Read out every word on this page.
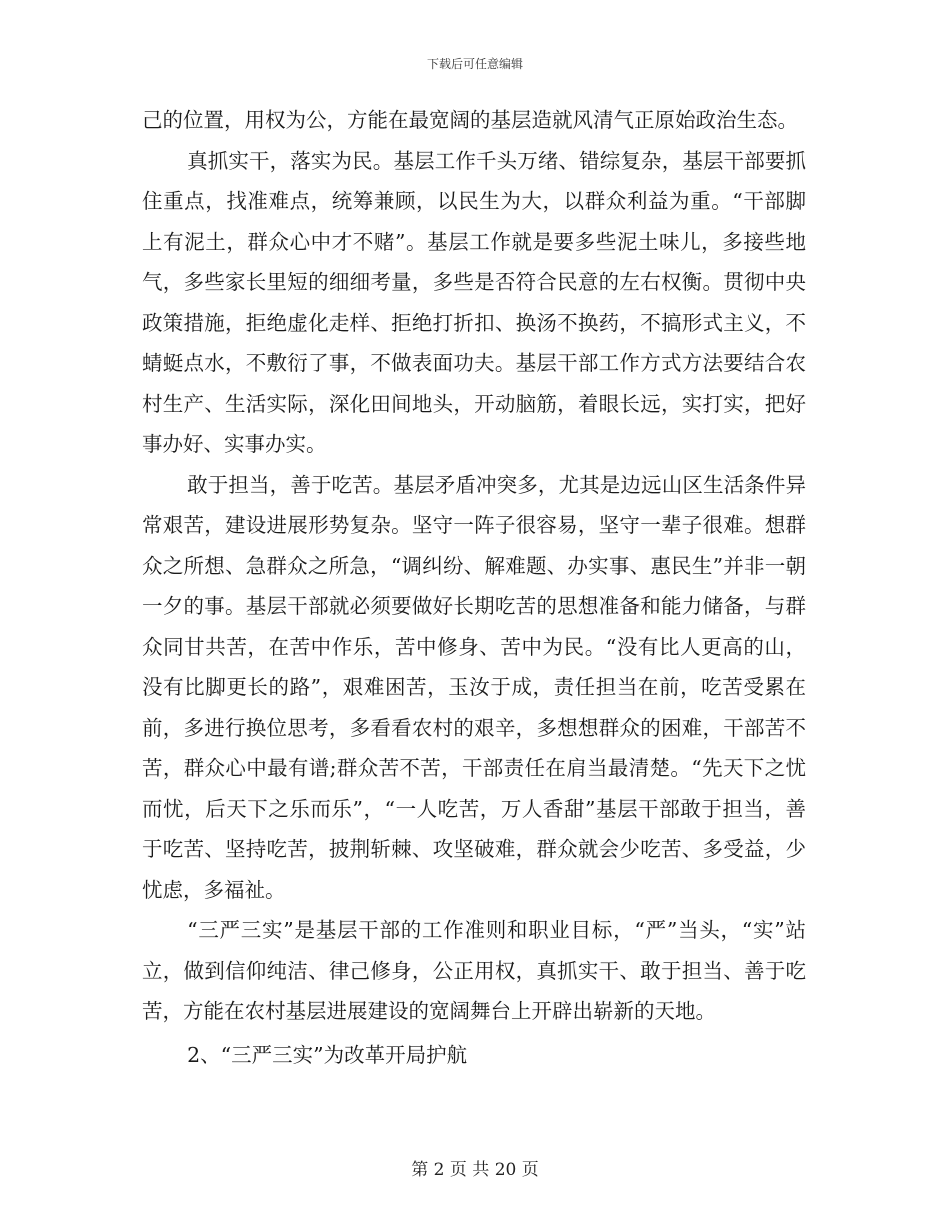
下载后可任意编辑

己的位置，用权为公，方能在最宽阔的基层造就风清气正原始政治生态。

真抓实干，落实为民。基层工作千头万绪、错综复杂，基层干部要抓住重点，找准难点，统筹兼顾，以民生为大，以群众利益为重。“干部脚上有泥土，群众心中才不赌”。基层工作就是要多些泥土味儿，多接些地气，多些家长里短的细细考量，多些是否符合民意的左右权衡。贯彻中央政策措施，拒绝虚化走样、拒绝打折扣、换汤不换药，不搞形式主义，不蜻蜓点水，不敷衍了事，不做表面功夫。基层干部工作方式方法要结合农村生产、生活实际，深化田间地头，开动脑筋，着眼长远，实打实，把好事办好、实事办实。

敢于担当，善于吃苦。基层矛盾冲突多，尤其是边远山区生活条件异常艰苦，建设进展形势复杂。坚守一阵子很容易，坚守一辈子很难。想群众之所想、急群众之所急，“调纠纷、解难题、办实事、惠民生”并非一朝一夕的事。基层干部就必须要做好长期吃苦的思想准备和能力储备，与群众同甘共苦，在苦中作乐，苦中修身、苦中为民。“没有比人更高的山，没有比脚更长的路”，艰难困苦，玉汝于成，责任担当在前，吃苦受累在前，多进行换位思考，多看看农村的艰辛，多想想群众的困难，干部苦不苦，群众心中最有谱;群众苦不苦，干部责任在肩当最清楚。“先天下之忧而忧，后天下之乐而乐”，“一人吃苦，万人香甜”基层干部敢于担当，善于吃苦、坚持吃苦，披荆斩棘、攻坚破难，群众就会少吃苦、多受益，少忧虑，多福祉。

“三严三实”是基层干部的工作准则和职业目标，“严”当头，“实”站立，做到信仰纯洁、律己修身，公正用权，真抓实干、敢于担当、善于吃苦，方能在农村基层进展建设的宽阔舞台上开辟出崭新的天地。

2、“三严三实”为改革开局护航

第 2 页 共 20 页
